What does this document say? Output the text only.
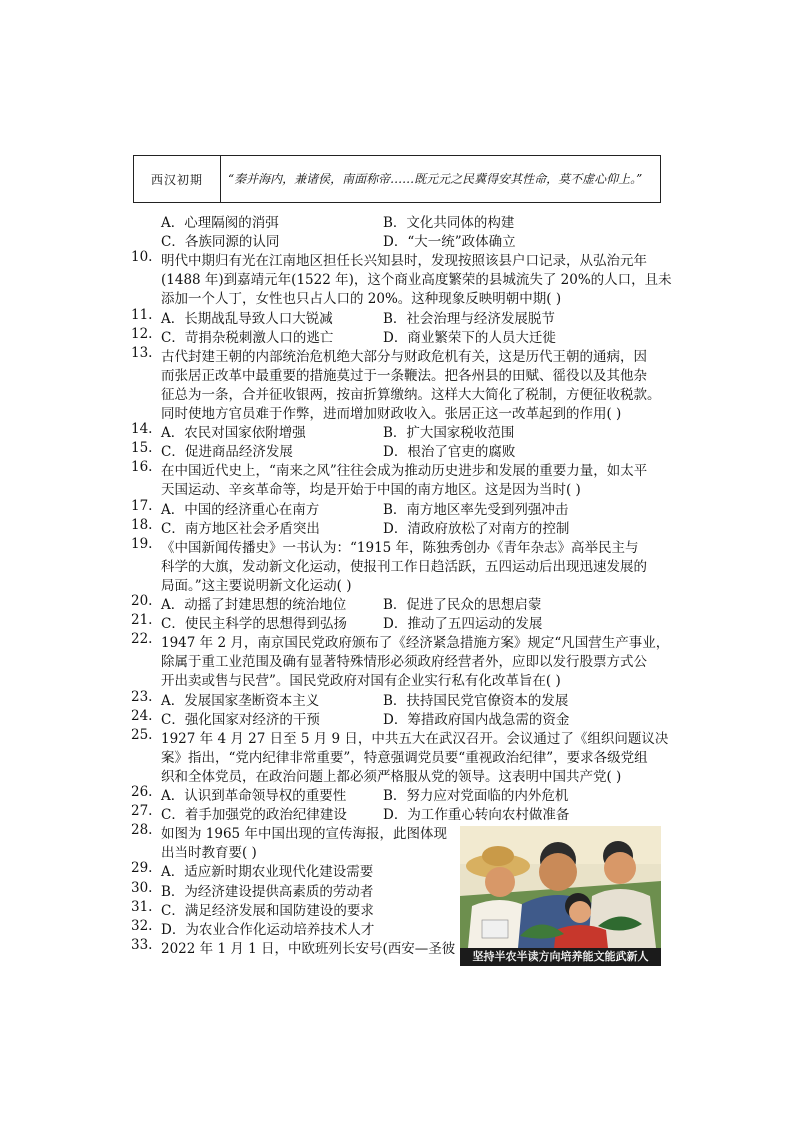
西汉初期	“秦并海内，兼诸侯，南面称帝……既元元之民冀得安其性命，莫不虚心仰上。”
A．心理隔阂的消弭	B．文化共同体的构建
C．各族同源的认同	D．“大一统”政体确立
10. 明代中期归有光在江南地区担任长兴知县时，发现按照该县户口记录，从弘治元年
(1488 年)到嘉靖元年(1522 年)，这个商业高度繁荣的县城流失了 20%的人口，且未
添加一个人丁，女性也只占人口的 20%。这种现象反映明朝中期( )
11. A．长期战乱导致人口大锐减	B．社会治理与经济发展脱节
12. C．苛捐杂税刺激人口的逃亡	D．商业繁荣下的人员大迁徙
13. 古代封建王朝的内部统治危机绝大部分与财政危机有关，这是历代王朝的通病，因
而张居正改革中最重要的措施莫过于一条鞭法。把各州县的田赋、徭役以及其他杂
征总为一条，合并征收银两，按亩折算缴纳。这样大大简化了税制，方便征收税款。
同时使地方官员难于作弊，进而增加财政收入。张居正这一改革起到的作用( )
14. A．农民对国家依附增强	B．扩大国家税收范围
15. C．促进商品经济发展	D．根治了官吏的腐败
16. 在中国近代史上，“南来之风”往往会成为推动历史进步和发展的重要力量，如太平
天国运动、辛亥革命等，均是开始于中国的南方地区。这是因为当时( )
17. A．中国的经济重心在南方	B．南方地区率先受到列强冲击
18. C．南方地区社会矛盾突出	D．清政府放松了对南方的控制
19. 《中国新闻传播史》一书认为：“1915 年，陈独秀创办《青年杂志》高举民主与
科学的大旗，发动新文化运动，使报刊工作日趋活跃，五四运动后出现迅速发展的
局面。”这主要说明新文化运动( )
20. A．动摇了封建思想的统治地位	B．促进了民众的思想启蒙
21. C．使民主科学的思想得到弘扬	D．推动了五四运动的发展
22. 1947 年 2 月，南京国民党政府颁布了《经济紧急措施方案》规定“凡国营生产事业，
除属于重工业范围及确有显著特殊情形必须政府经营者外，应即以发行股票方式公
开出卖或售与民营”。国民党政府对国有企业实行私有化改革旨在( )
23. A．发展国家垄断资本主义	B．扶持国民党官僚资本的发展
24. C．强化国家对经济的干预	D．筹措政府国内战急需的资金
25. 1927 年 4 月 27 日至 5 月 9 日，中共五大在武汉召开。会议通过了《组织问题议决
案》指出，“党内纪律非常重要”，特意强调党员要“重视政治纪律”，要求各级党组
织和全体党员，在政治问题上都必须严格服从党的领导。这表明中国共产党( )
26. A．认识到革命领导权的重要性	B．努力应对党面临的内外危机
27. C．着手加强党的政治纪律建设	D．为工作重心转向农村做准备
28. 如图为 1965 年中国出现的宣传海报，此图体现
出当时教育要( )
29. A．适应新时期农业现代化建设需要
30. B．为经济建设提供高素质的劳动者
31. C．满足经济发展和国防建设的要求
32. D．为农业合作化运动培养技术人才
33. 2022 年 1 月 1 日，中欧班列长安号(西安—圣彼	坚持半农半读方向培养能文能武新人
